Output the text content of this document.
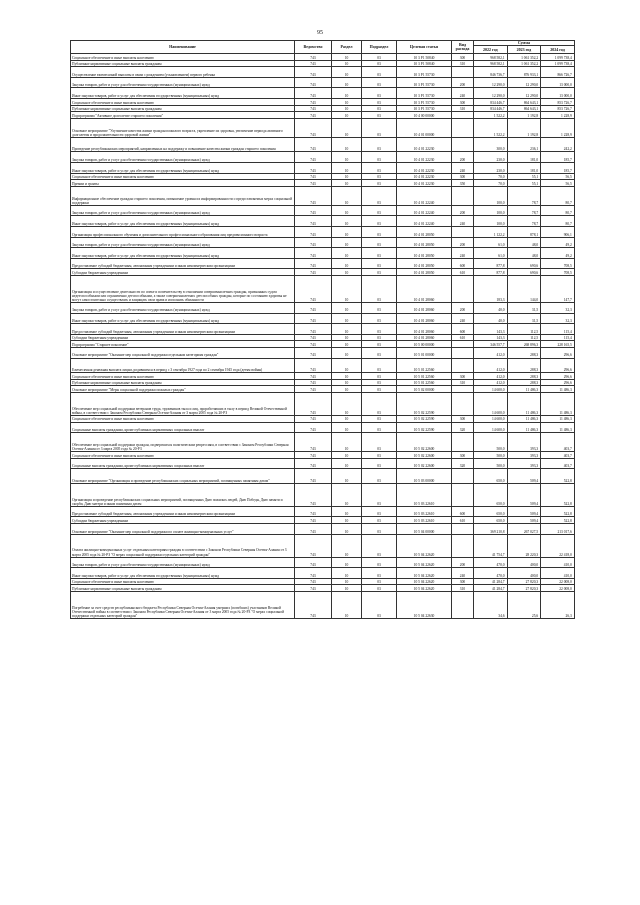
95
Наименование	Ведомство	Раздел	Подраздел	Целевая статья	Вид расхода	Сумма		
						2022 год	2023 год	2024 год
Социальное обеспечение и иные выплаты населению	743	10	03	10 3 P1 50840	300	968 582,1	1 061 352,2	1 099 738,4
Публичные нормативные социальные выплаты гражданам	743	10	03	10 3 P1 50840	310	968 582,1	1 061 352,2	1 099 738,4
Осуществление ежемесячной выплаты в связи с рождением (усыновлением) первого ребенка	743	10	03	10 3 P1 55730		846 736,7	876 933,1	866 726,7
Закупка товаров, работ и услуг для обеспечения государственных (муниципальных) нужд	743	10	03	10 3 P1 55730	200	12 290,0	12 290,0	13 000,0
Иные закупки товаров, работ и услуг для обеспечения государственных (муниципальных) нужд	743	10	03	10 3 P1 55730	240	12 290,0	12 290,0	13 000,0
Социальное обеспечение и иные выплаты населению	743	10	03	10 3 P1 55730	300	834 446,7	864 643,1	853 726,7
Публичные нормативные социальные выплаты гражданам	743	10	03	10 3 P1 55730	310	834 446,7	864 643,1	853 726,7
Подпрограмма "Активное долголетие старшего поколения"	743	10	03	10 4 00 00000		1 522,2	1 192,8	1 228,9
Основное мероприятие "Улучшение качества жизни граждан пожилого возраста, укрепление их здоровья, увеличение периода активного долголетия и продолжительности здоровой жизни"	743	10	03	10 4 01 00000		1 522,2	1 192,8	1 228,9
Проведение республиканских мероприятий, направленных на поддержку и повышение качества жизни граждан старшего поколения	743	10	03	10 4 01 22230		300,0	236,1	242,2
Закупка товаров, работ и услуг для обеспечения государственных (муниципальных) нужд	743	10	03	10 4 01 22230	200	230,0	181,0	185,7
Иные закупки товаров, работ и услуг для обеспечения государственных (муниципальных) нужд	743	10	03	10 4 01 22230	240	230,0	181,0	185,7
Социальное обеспечение и иные выплаты населению	743	10	03	10 4 01 22230	300	70,0	55,1	56,5
Премии и гранты	743	10	03	10 4 01 22230	350	70,0	55,1	56,5
Информационное обеспечение граждан старшего поколения, повышение уровня их информированности о предоставляемых мерах социальной поддержки	743	10	03	10 4 01 22240		100,0	78,7	80,7
Закупка товаров, работ и услуг для обеспечения государственных (муниципальных) нужд	743	10	03	10 4 01 22240	200	100,0	78,7	80,7
Иные закупки товаров, работ и услуг для обеспечения государственных (муниципальных) нужд	743	10	03	10 4 01 22240	240	100,0	78,7	80,7
Организация профессионального обучения и дополнительного профессионального образования лиц предпенсионного возраста	743	10	03	10 4 01 28050		1 122,2	878,1	906,1
Закупка товаров, работ и услуг для обеспечения государственных (муниципальных) нужд	743	10	03	10 4 01 28050	200	61,0	48,0	49,2
Иные закупки товаров, работ и услуг для обеспечения государственных (муниципальных) нужд	743	10	03	10 4 01 28050	240	61,0	48,0	49,2
Предоставление субсидий бюджетным, автономным учреждениям и иным некоммерческим организациям	743	10	03	10 4 01 28050	600	877,8	690,6	708,5
Субсидии бюджетным учреждениям	743	10	03	10 4 01 28050	610	877,8	690,6	708,5
Организация и осуществление деятельности по опеке и попечительству в отношении совершеннолетних граждан, признанных судом недееспособными или ограниченно дееспособными, а также совершеннолетних дееспособных граждан, которые по состоянию здоровья не могут самостоятельно осуществлять и защищать свои права и исполнять обязанности	743	10	03	10 4 01 28060		183,3	144,0	147,7
Закупка товаров, работ и услуг для обеспечения государственных (муниципальных) нужд	743	10	03	10 4 01 28060	200	40,0	31,5	32,3
Иные закупки товаров, работ и услуг для обеспечения государственных (муниципальных) нужд	743	10	03	10 4 01 28060	240	40,0	31,5	32,3
Предоставление субсидий бюджетным, автономным учреждениям и иным некоммерческим организациям	743	10	03	10 4 01 28060	600	143,3	112,5	115,4
Субсидии бюджетным учреждениям	743	10	03	10 4 01 28060	610	143,3	112,5	115,4
Подпрограмма "Старшее поколение"	743	10	03	10 5 00 00000		346 557,7	268 896,3	228 165,5
Основное мероприятие "Оказание мер социальной поддержки отдельным категориям граждан"	743	10	03	10 5 01 00000		412,0	288,3	296,6
Ежемесячная денежная выплата лицам, родившимся в период с 3 сентября 1927 года по 2 сентября 1945 года (детям войны)	743	10	03	10 5 01 22560		412,0	288,3	296,6
Социальное обеспечение и иные выплаты населению	743	10	03	10 5 01 22560	300	412,0	288,3	296,6
Публичные нормативные социальные выплаты гражданам	743	10	03	10 5 01 22560	310	412,0	288,3	296,6
Основное мероприятие "Меры социальной поддержки пожилых граждан"	743	10	03	10 5 02 00000		14 600,0	11 486,3	11 486,3
Обеспечение мер социальной поддержки ветеранов труда, тружеников тыла и лиц, проработавших в тылу в период Великой Отечественной войны, в соответствии с Законом Республики Северная Осетия-Алания от 3 марта 2005 года № 20-РЗ	743	10	03	10 5 02 22590		14 600,0	11 486,3	11 486,3
Социальное обеспечение и иные выплаты населению	743	10	03	10 5 02 22590	300	14 600,0	11 486,3	11 486,3
Социальные выплаты гражданам, кроме публичных нормативных социальных выплат	743	10	03	10 5 02 22590	320	14 600,0	11 486,3	11 486,3
Обеспечение мер социальной поддержки граждан, подвергшихся политическим репрессиям, в соответствии с Законом Республики Северная Осетия-Алания от 3 марта 2005 года № 20-РЗ	743	10	03	10 5 02 22600		500,0	393,3	403,7
Социальное обеспечение и иные выплаты населению	743	10	03	10 5 02 22600	300	500,0	393,3	403,7
Социальные выплаты гражданам, кроме публичных нормативных социальных выплат	743	10	03	10 5 02 22600	320	500,0	393,3	403,7
Основное мероприятие "Организация и проведение республиканских социальных мероприятий, посвященных памятным датам"	743	10	03	10 5 03 00000		650,0	509,4	522,8
Организация и проведение республиканских социальных мероприятий, посвященных Дню пожилых людей, Дню Победы, Дню памяти и скорби, Дню матери и иным памятным датам	743	10	03	10 5 03 22610		650,0	509,4	522,8
Предоставление субсидий бюджетным, автономным учреждениям и иным некоммерческим организациям	743	10	03	10 5 03 22610	600	650,0	509,4	522,8
Субсидии бюджетным учреждениям	743	10	03	10 5 03 22610	610	650,0	509,4	522,8
Основное мероприятие "Оказание мер социальной поддержки по оплате жилищно-коммунальных услуг"	743	10	03	10 5 04 00000		369 210,8	267 027,5	213 017,6
Оплата жилищно-коммунальных услуг отдельным категориям граждан в соответствии с Законом Республики Северная Осетия-Алания от 3 марта 2005 года № 20-РЗ "О мерах социальной поддержки отдельных категорий граждан"	743	10	03	10 5 04 22620		41 754,7	28 220,3	22 418,0
Закупка товаров, работ и услуг для обеспечения государственных (муниципальных) нужд	743	10	03	10 5 04 22620	200	470,0	400,0	410,0
Иные закупки товаров, работ и услуг для обеспечения государственных (муниципальных) нужд	743	10	03	10 5 04 22620	240	470,0	400,0	410,0
Социальное обеспечение и иные выплаты населению	743	10	03	10 5 04 22620	300	41 284,7	27 820,3	22 008,0
Публичные нормативные социальные выплаты гражданам	743	10	03	10 5 04 22620	310	41 284,7	27 820,3	22 008,0
Погребение за счет средств республиканского бюджета Республики Северная Осетия-Алания умерших (погибших) участников Великой Отечественной войны в соответствии с Законом Республики Северная Осетия-Алания от 3 марта 2005 года № 20-РЗ "О мерах социальной поддержки отдельных категорий граждан"	743	10	03	10 5 04 22630		34,6	25,6	26,3
